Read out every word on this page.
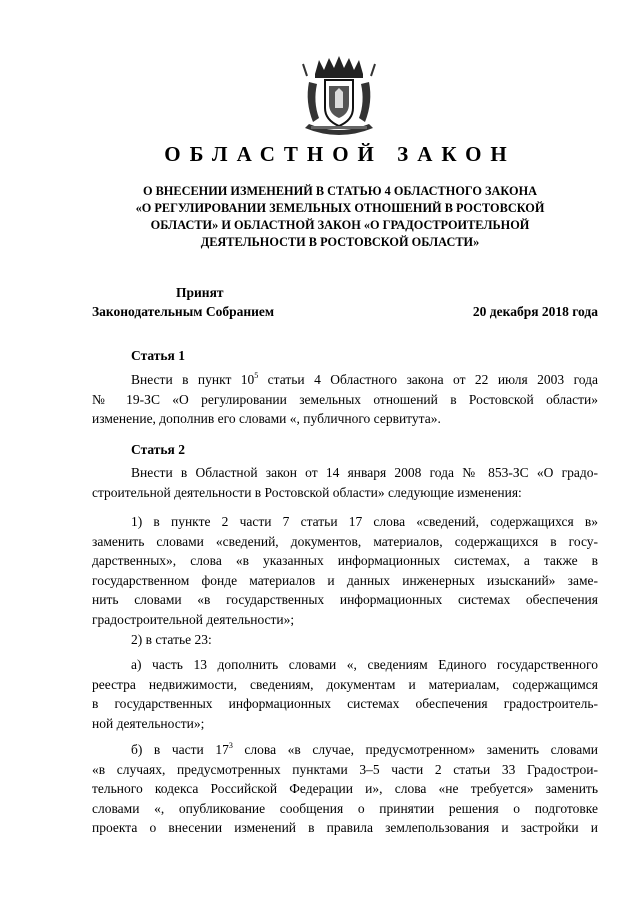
ОБЛАСТНОЙ ЗАКОН
О ВНЕСЕНИИ ИЗМЕНЕНИЙ В СТАТЬЮ 4 ОБЛАСТНОГО ЗАКОНА
«О РЕГУЛИРОВАНИИ ЗЕМЕЛЬНЫХ ОТНОШЕНИЙ В РОСТОВСКОЙ
ОБЛАСТИ» И ОБЛАСТНОЙ ЗАКОН «О ГРАДОСТРОИТЕЛЬНОЙ
ДЕЯТЕЛЬНОСТИ В РОСТОВСКОЙ ОБЛАСТИ»
Принят
Законодательным Собранием	20 декабря 2018 года
Статья 1
Внести в пункт $10^5$ статьи 4 Областного закона от 22 июля 2003 года
№ 19-ЗС «О регулировании земельных отношений в Ростовской области»
изменение, дополнив его словами «, публичного сервитута».
Статья 2
Внести в Областной закон от 14 января 2008 года № 853-ЗС «О градо-
строительной деятельности в Ростовской области» следующие изменения:
1) в пункте 2 части 7 статьи 17 слова «сведений, содержащихся в»
заменить словами «сведений, документов, материалов, содержащихся в госу-
дарственных», слова «в указанных информационных системах, а также в
государственном фонде материалов и данных инженерных изысканий» заме-
нить словами «в государственных информационных системах обеспечения
градостроительной деятельности»;
2) в статье 23:
а) часть 13 дополнить словами «, сведениям Единого государственного
реестра недвижимости, сведениям, документам и материалам, содержащимся
в государственных информационных системах обеспечения градостроитель-
ной деятельности»;
б) в части $17^3$ слова «в случае, предусмотренном» заменить словами
«в случаях, предусмотренных пунктами 3–5 части 2 статьи 33 Градострои-
тельного кодекса Российской Федерации и», слова «не требуется» заменить
словами «, опубликование сообщения о принятии решения о подготовке
проекта о внесении изменений в правила землепользования и застройки и
